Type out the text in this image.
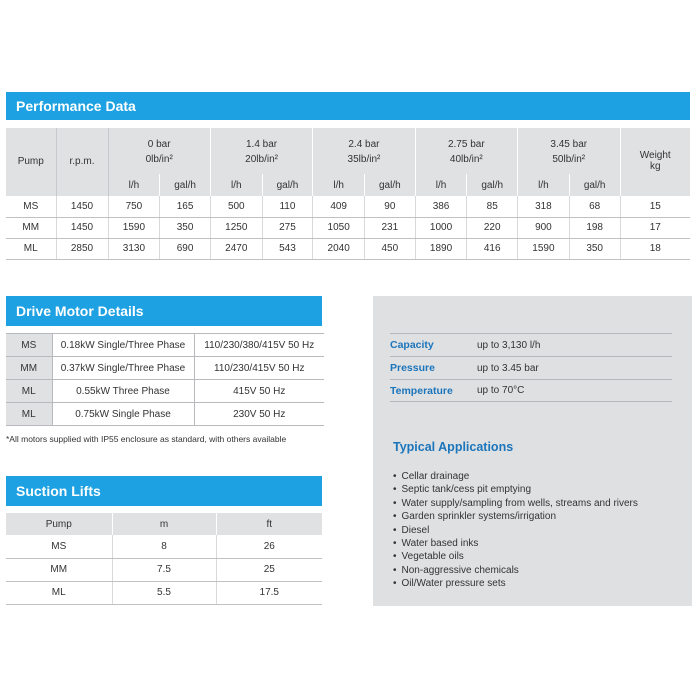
Performance Data
Pump	r.p.m.	0 bar		1.4 bar		2.4 bar		2.75 bar		3.45 bar		Weight
kg

		0lb/in²		20lb/in²		35lb/in²		40lb/in²		50lb/in²		
		l/h	gal/h	l/h	gal/h	l/h	gal/h	l/h	gal/h	l/h	gal/h	
MS	1450	750	165	500	110	409	90	386	85	318	68	15
MM	1450	1590	350	1250	275	1050	231	1000	220	900	198	17
ML	2850	3130	690	2470	543	2040	450	1890	416	1590	350	18
Drive Motor Details
MS	0.18kW Single/Three Phase	110/230/380/415V 50 Hz
MM	0.37kW Single/Three Phase	110/230/415V 50 Hz
ML	0.55kW Three Phase	415V 50 Hz
ML	0.75kW Single Phase	230V 50 Hz
*All motors supplied with IP55 enclosure as standard, with others available
Suction Lifts
Pump	m	ft
MS	8	26
MM	7.5	25
ML	5.5	17.5
Capacity	up to 3,130 l/h
Pressure	up to 3.45 bar
Temperature	up to 70°C
Typical Applications
• Cellar drainage
• Septic tank/cess pit emptying
• Water supply/sampling from wells, streams and rivers
• Garden sprinkler systems/irrigation
• Diesel
• Water based inks
• Vegetable oils
• Non-aggressive chemicals
• Oil/Water pressure sets
